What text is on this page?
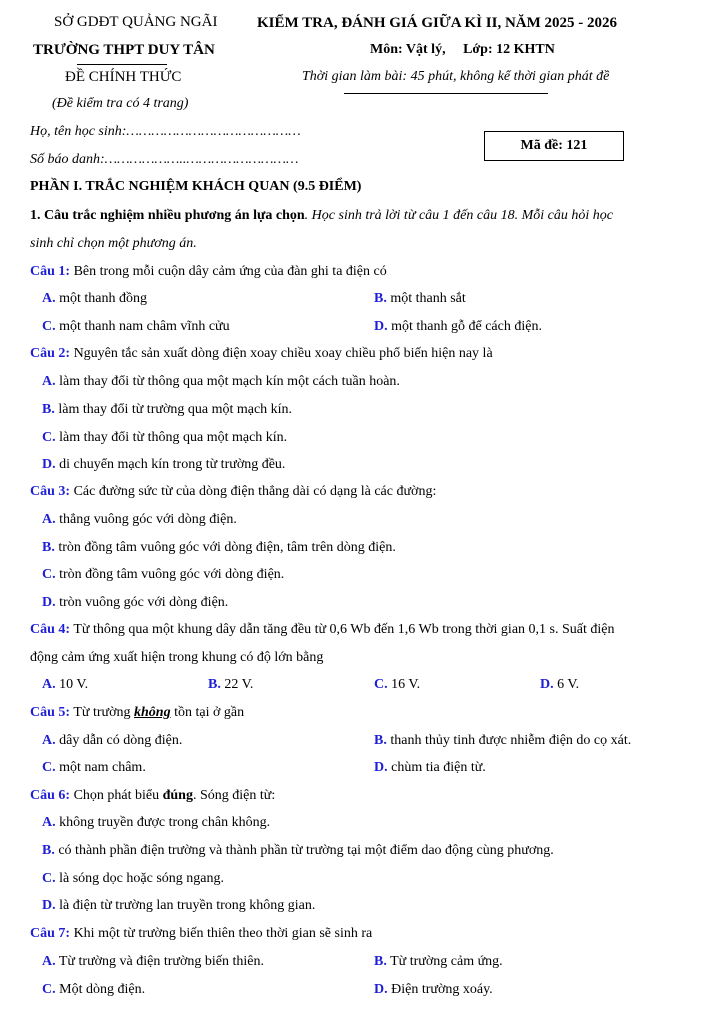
SỞ GDĐT QUẢNG NGÃI
TRƯỜNG THPT DUY TÂN
ĐỀ CHÍNH THỨC
(Đề kiểm tra có 4 trang)
KIỂM TRA, ĐÁNH GIÁ GIỮA KÌ II, NĂM 2025 - 2026
Môn: Vật lý,     Lớp: 12 KHTN
Thời gian làm bài: 45 phút, không kể thời gian phát đề
Họ, tên học sinh:……………………………………
Số báo danh:………………..………………………
Mã đề: 121
PHẦN I. TRẮC NGHIỆM KHÁCH QUAN (9.5 ĐIỂM)
1. Câu trắc nghiệm nhiều phương án lựa chọn. Học sinh trả lời từ câu 1 đến câu 18. Mỗi câu hỏi học
sinh chỉ chọn một phương án.
Câu 1: Bên trong mỗi cuộn dây cảm ứng của đàn ghi ta điện có
A. một thanh đồng	B. một thanh sắt
C. một thanh nam châm vĩnh cửu	D. một thanh gỗ để cách điện.
Câu 2: Nguyên tắc sản xuất dòng điện xoay chiều xoay chiều phổ biến hiện nay là
A. làm thay đổi từ thông qua một mạch kín một cách tuần hoàn.
B. làm thay đổi từ trường qua một mạch kín.
C. làm thay đổi từ thông qua một mạch kín.
D. di chuyển mạch kín trong từ trường đều.
Câu 3: Các đường sức từ của dòng điện thẳng dài có dạng là các đường:
A. thẳng vuông góc với dòng điện.
B. tròn đồng tâm vuông góc với dòng điện, tâm trên dòng điện.
C. tròn đồng tâm vuông góc với dòng điện.
D. tròn vuông góc với dòng điện.
Câu 4: Từ thông qua một khung dây dẫn tăng đều từ 0,6 Wb đến 1,6 Wb trong thời gian 0,1 s. Suất điện
động cảm ứng xuất hiện trong khung có độ lớn bằng
A. 10 V.	B. 22 V.	C. 16 V.	D. 6 V.
Câu 5: Từ trường không tồn tại ở gần
A. dây dẫn có dòng điện.	B. thanh thủy tinh được nhiễm điện do cọ xát.
C. một nam châm.	D. chùm tia điện từ.
Câu 6: Chọn phát biểu đúng. Sóng điện từ:
A. không truyền được trong chân không.
B. có thành phần điện trường và thành phần từ trường tại một điểm dao động cùng phương.
C. là sóng dọc hoặc sóng ngang.
D. là điện từ trường lan truyền trong không gian.
Câu 7: Khi một từ trường biến thiên theo thời gian sẽ sinh ra
A. Từ trường và điện trường biến thiên.	B. Từ trường cảm ứng.
C. Một dòng điện.	D. Điện trường xoáy.
